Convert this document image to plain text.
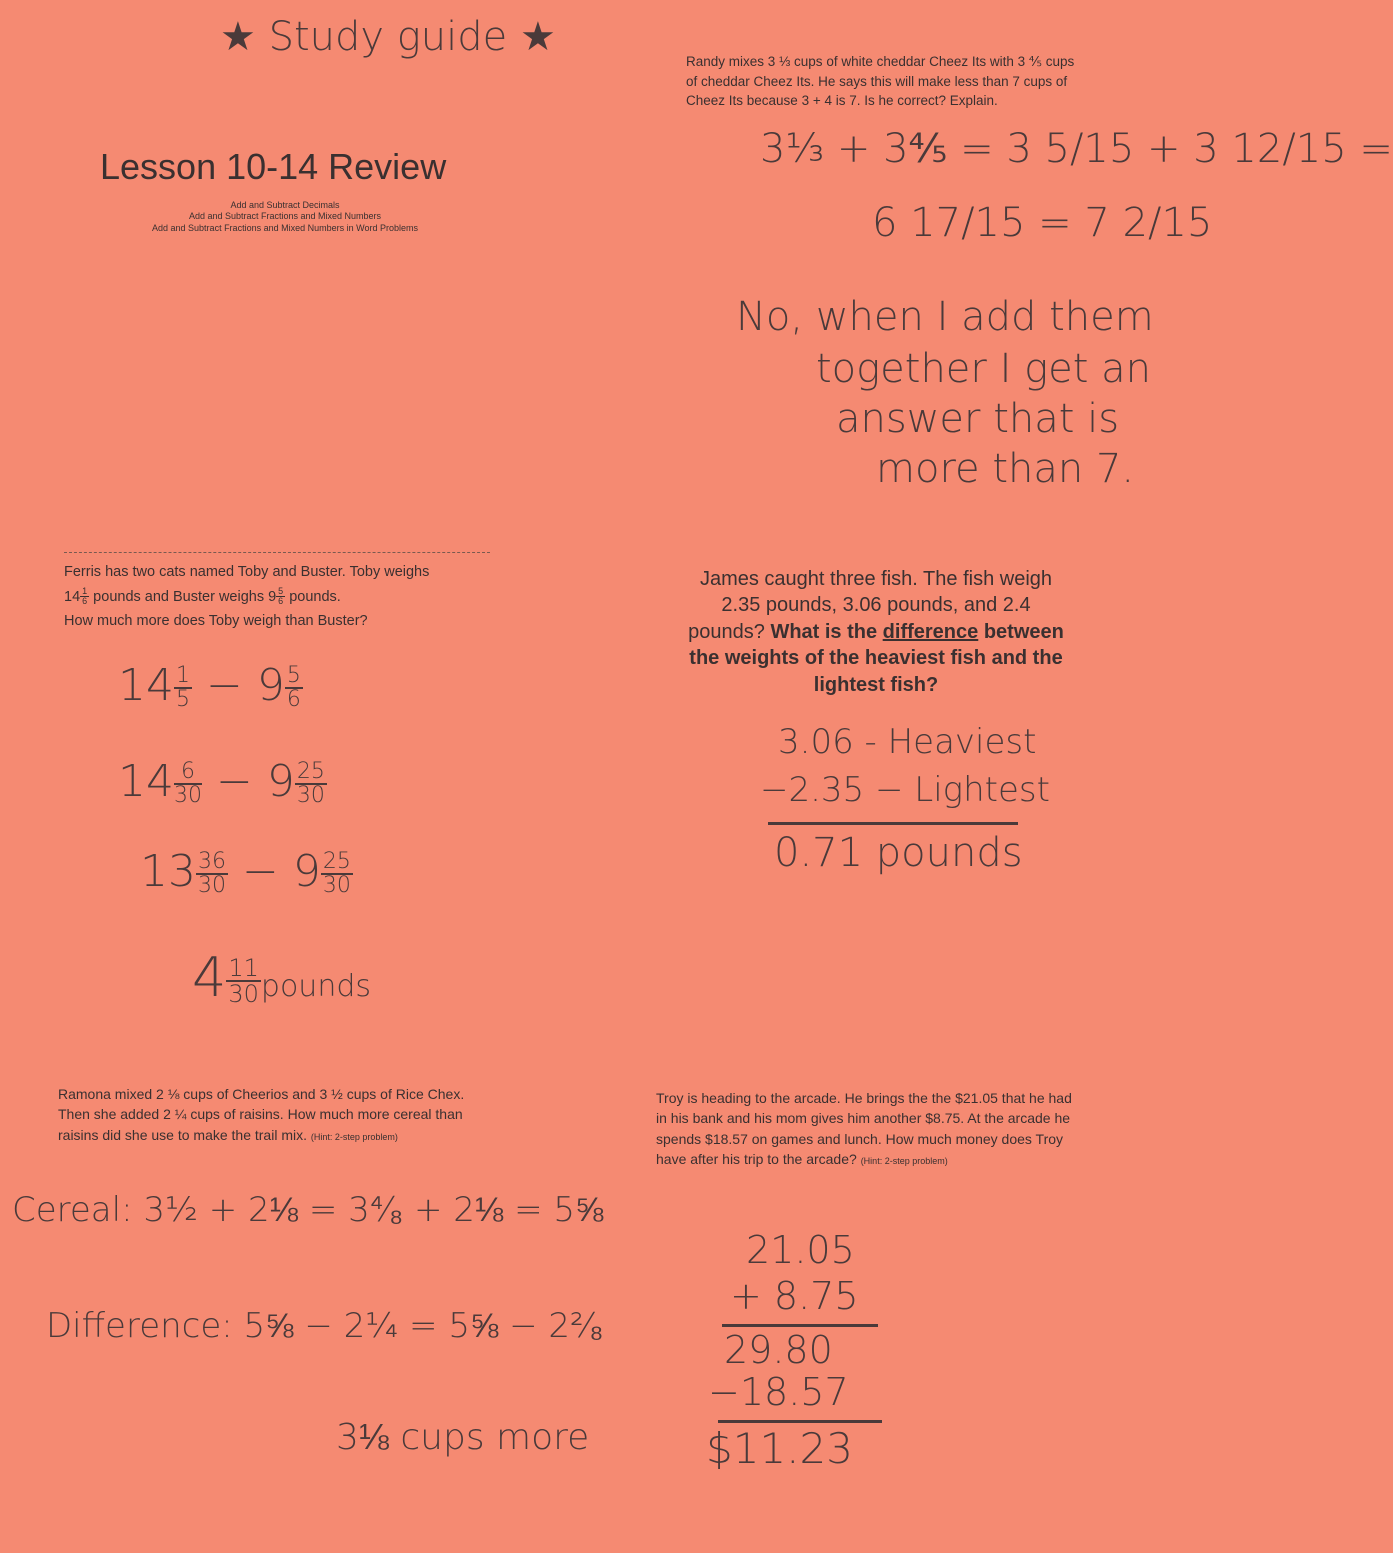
★ Study guide ★
Lesson 10-14 Review
Add and Subtract Decimals
Add and Subtract Fractions and Mixed Numbers
Add and Subtract Fractions and Mixed Numbers in Word Problems
Randy mixes 3 ⅓ cups of white cheddar Cheez Its with 3 ⅘ cups of cheddar Cheez Its. He says this will make less than 7 cups of Cheez Its because 3 + 4 is 7. Is he correct? Explain.
3⅓ + 3⅘ = 3 5/15 + 3 12/15 =
6 17/15 = 7 2/15
No, when I add them
together I get an
answer that is
more than 7.
Ferris has two cats named Toby and Buster. Toby weighs
$14 \frac{1}{6}$ pounds and Buster weighs $9 \frac{5}{6}$ pounds.
How much more does Toby weigh than Buster?
$14 \frac{1}{5} - 9 \frac{5}{6}$
$14 \frac{6}{30} - 9 \frac{25}{30}$
$13 \frac{36}{30} - 9 \frac{25}{30}$
$4 \frac{11}{30}$ pounds
James caught three fish. The fish weigh
2.35 pounds, 3.06 pounds, and 2.4
pounds? What is the difference between
the weights of the heaviest fish and the
lightest fish?
3.06 - Heaviest
−2.35 − Lightest
0.71 pounds
Ramona mixed 2 ⅛ cups of Cheerios and 3 ½ cups of Rice Chex. Then she added 2 ¼ cups of raisins. How much more cereal than raisins did she use to make the trail mix. (Hint: 2-step problem)
Cereal: 3½ + 2⅛ = 3⁴⁄₈ + 2⅛ = 5⅝
Difference: 5⅝ − 2¼ = 5⅝ − 2²⁄₈
3⅛ cups more
Troy is heading to the arcade. He brings the the $21.05 that he had in his bank and his mom gives him another $8.75. At the arcade he spends $18.57 on games and lunch. How much money does Troy have after his trip to the arcade? (Hint: 2-step problem)
21.05
+ 8.75
29.80
−18.57
$11.23
